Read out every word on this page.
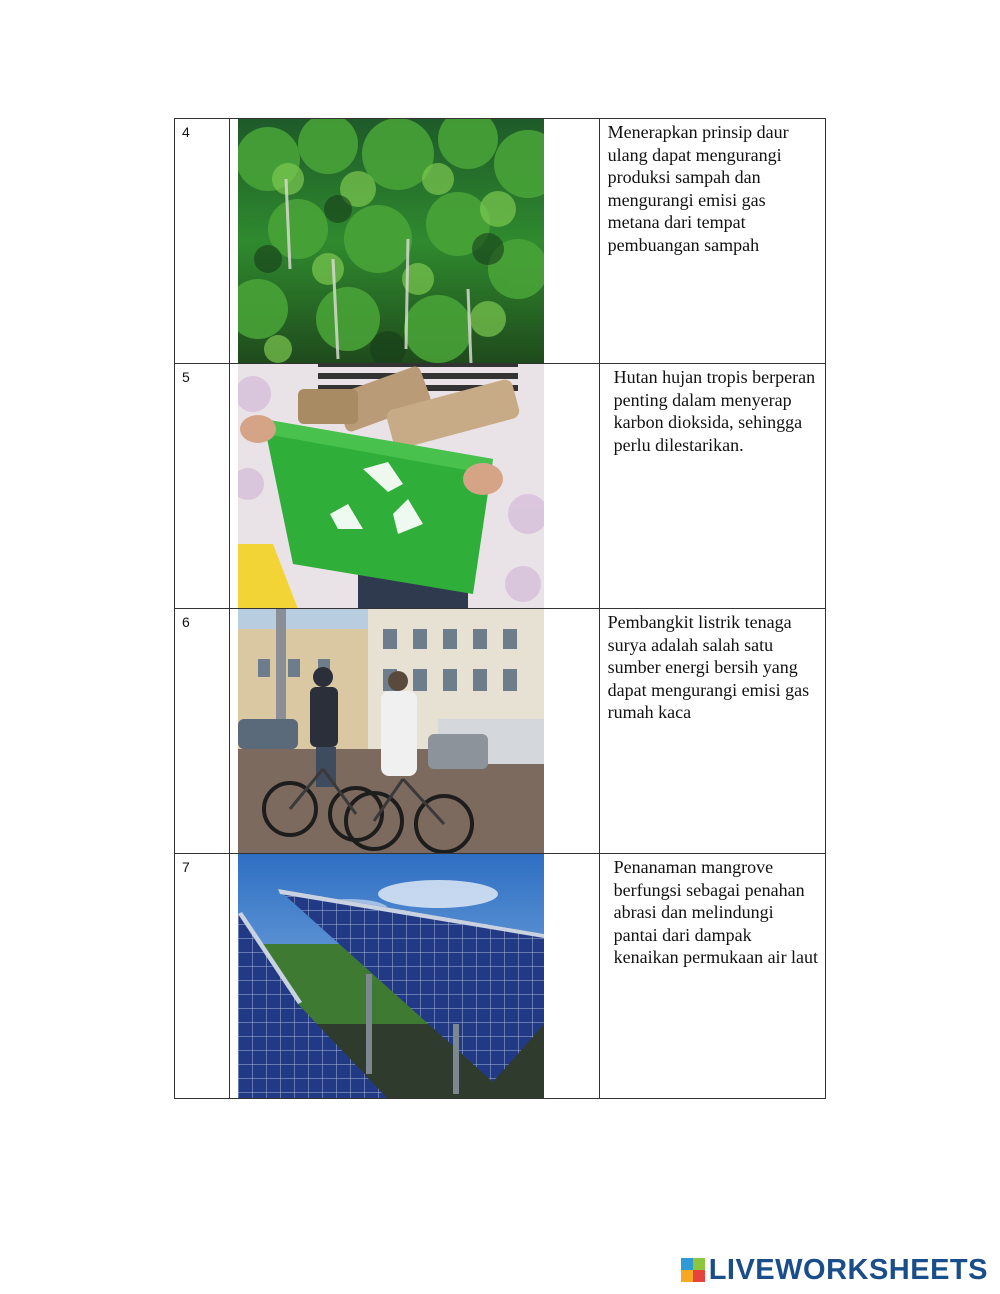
4		Menerapkan prinsip daur ulang dapat mengurangi produksi sampah dan mengurangi emisi gas metana dari tempat pembuangan sampah

5		Hutan hujan tropis berperan penting dalam menyerap karbon dioksida, sehingga perlu dilestarikan.

6		Pembangkit listrik tenaga surya adalah salah satu sumber energi bersih yang dapat mengurangi emisi gas rumah kaca

7		Penanaman mangrove berfungsi sebagai penahan abrasi dan melindungi pantai dari dampak kenaikan permukaan air laut
LIVEWORKSHEETS
